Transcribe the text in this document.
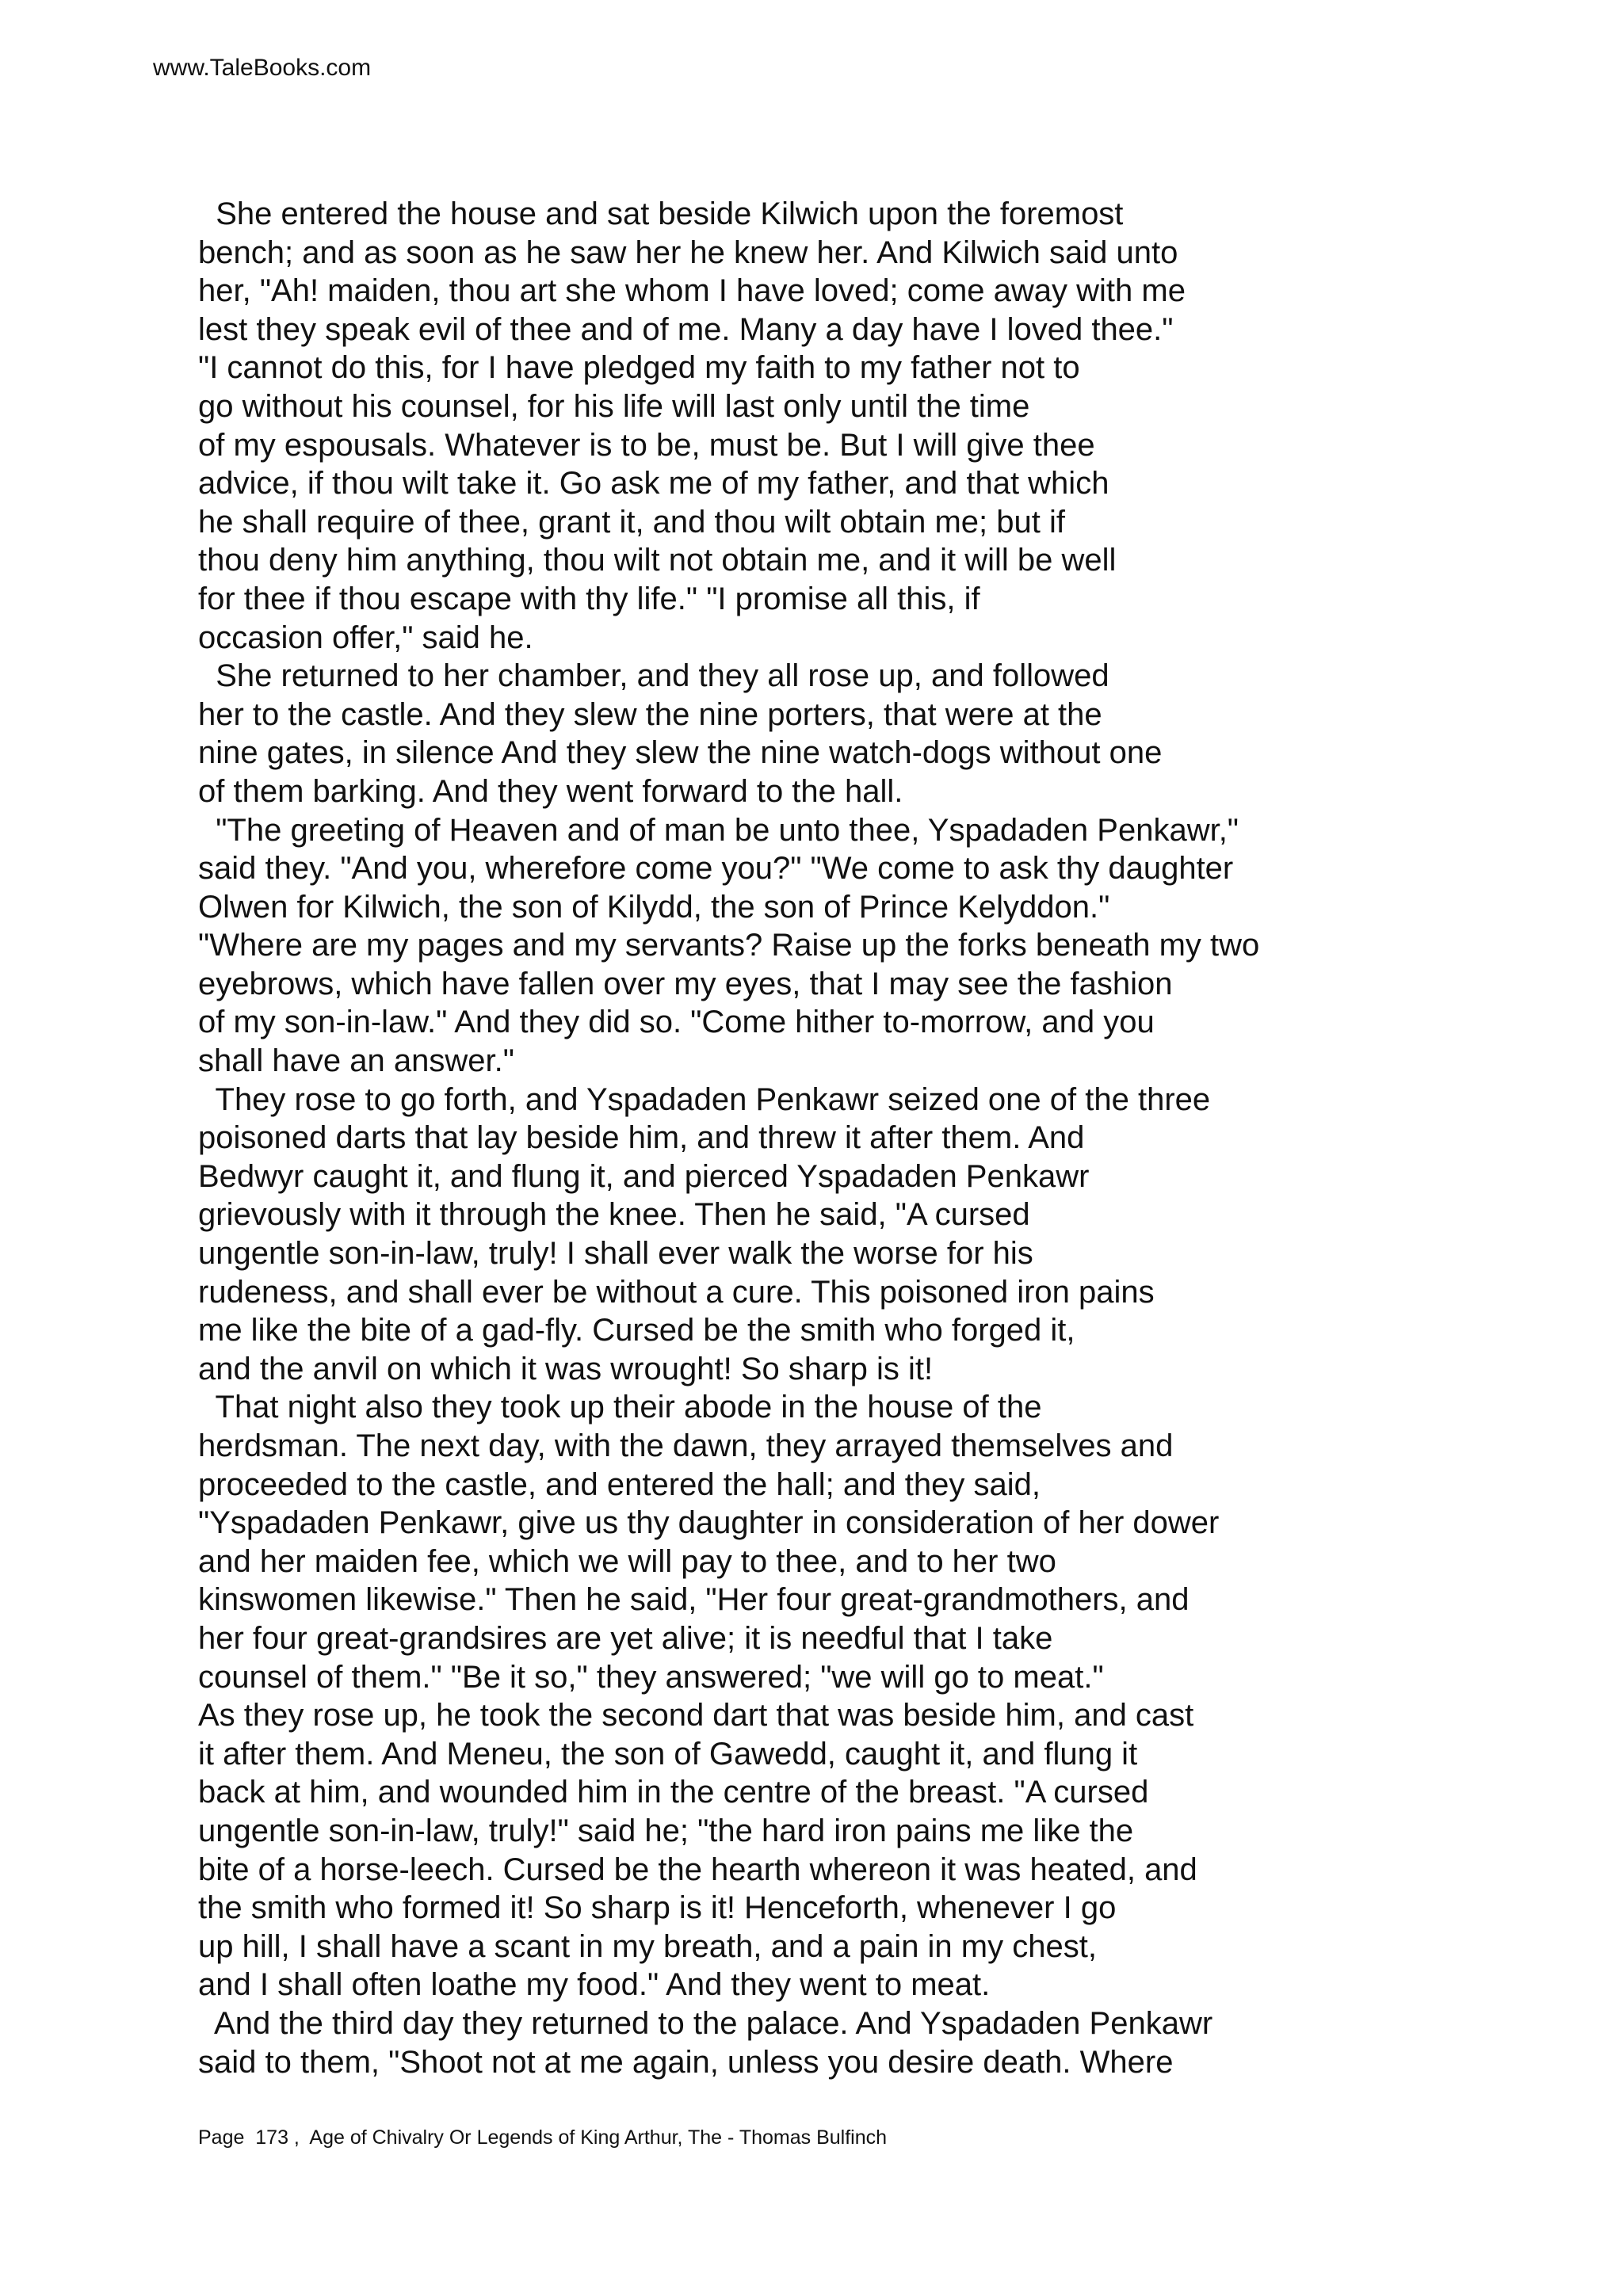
www.TaleBooks.com
She entered the house and sat beside Kilwich upon the foremost
bench; and as soon as he saw her he knew her. And Kilwich said unto
her, "Ah! maiden, thou art she whom I have loved; come away with me
lest they speak evil of thee and of me. Many a day have I loved thee."
"I cannot do this, for I have pledged my faith to my father not to
go without his counsel, for his life will last only until the time
of my espousals. Whatever is to be, must be. But I will give thee
advice, if thou wilt take it. Go ask me of my father, and that which
he shall require of thee, grant it, and thou wilt obtain me; but if
thou deny him anything, thou wilt not obtain me, and it will be well
for thee if thou escape with thy life." "I promise all this, if
occasion offer," said he.
She returned to her chamber, and they all rose up, and followed
her to the castle. And they slew the nine porters, that were at the
nine gates, in silence And they slew the nine watch-dogs without one
of them barking. And they went forward to the hall.
"The greeting of Heaven and of man be unto thee, Yspadaden Penkawr,"
said they. "And you, wherefore come you?" "We come to ask thy daughter
Olwen for Kilwich, the son of Kilydd, the son of Prince Kelyddon."
"Where are my pages and my servants? Raise up the forks beneath my two
eyebrows, which have fallen over my eyes, that I may see the fashion
of my son-in-law." And they did so. "Come hither to-morrow, and you
shall have an answer."
They rose to go forth, and Yspadaden Penkawr seized one of the three
poisoned darts that lay beside him, and threw it after them. And
Bedwyr caught it, and flung it, and pierced Yspadaden Penkawr
grievously with it through the knee. Then he said, "A cursed
ungentle son-in-law, truly! I shall ever walk the worse for his
rudeness, and shall ever be without a cure. This poisoned iron pains
me like the bite of a gad-fly. Cursed be the smith who forged it,
and the anvil on which it was wrought! So sharp is it!
That night also they took up their abode in the house of the
herdsman. The next day, with the dawn, they arrayed themselves and
proceeded to the castle, and entered the hall; and they said,
"Yspadaden Penkawr, give us thy daughter in consideration of her dower
and her maiden fee, which we will pay to thee, and to her two
kinswomen likewise." Then he said, "Her four great-grandmothers, and
her four great-grandsires are yet alive; it is needful that I take
counsel of them." "Be it so," they answered; "we will go to meat."
As they rose up, he took the second dart that was beside him, and cast
it after them. And Meneu, the son of Gawedd, caught it, and flung it
back at him, and wounded him in the centre of the breast. "A cursed
ungentle son-in-law, truly!" said he; "the hard iron pains me like the
bite of a horse-leech. Cursed be the hearth whereon it was heated, and
the smith who formed it! So sharp is it! Henceforth, whenever I go
up hill, I shall have a scant in my breath, and a pain in my chest,
and I shall often loathe my food." And they went to meat.
And the third day they returned to the palace. And Yspadaden Penkawr
said to them, "Shoot not at me again, unless you desire death. Where
Page  173 ,  Age of Chivalry Or Legends of King Arthur, The - Thomas Bulfinch
